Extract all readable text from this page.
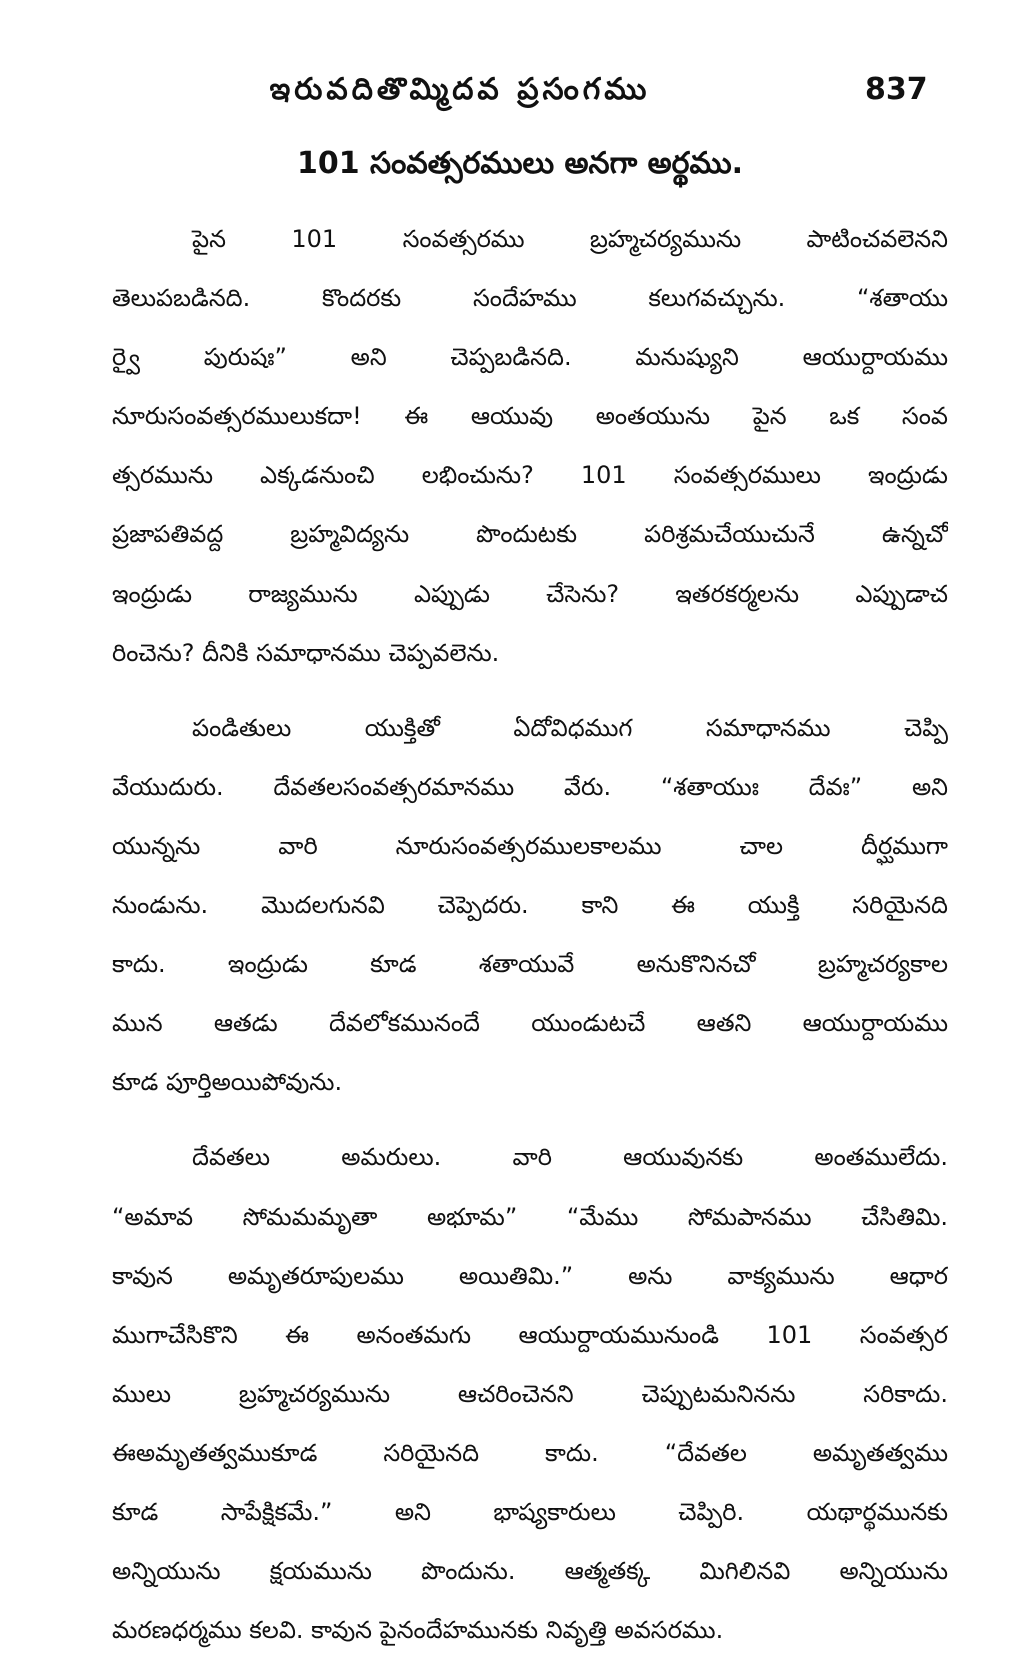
ఇరువదితొమ్మిదవ ప్రసంగము	837
101 సంవత్సరములు అనగా అర్థము.
పైన 101 సంవత్సరము బ్రహ్మచర్యమును పాటించవలెనని
తెలుపబడినది. కొందరకు సందేహము కలుగవచ్చును. “శతాయు
ర్వై పురుషః” అని చెప్పబడినది. మనుష్యుని ఆయుర్దాయము
నూరుసంవత్సరములుకదా! ఈ ఆయువు అంతయును పైన ఒక సంవ
త్సరమును ఎక్కడనుంచి లభించును? 101 సంవత్సరములు ఇంద్రుడు
ప్రజాపతివద్ద బ్రహ్మవిద్యను పొందుటకు పరిశ్రమచేయుచునే ఉన్నచో
ఇంద్రుడు రాజ్యమును ఎప్పుడు చేసెను? ఇతరకర్మలను ఎప్పుడాచ
రించెను? దీనికి సమాధానము చెప్పవలెను.
పండితులు యుక్తితో ఏదోవిధముగ సమాధానము చెప్పి
వేయుదురు. దేవతలసంవత్సరమానము వేరు. “శతాయుః దేవః” అని
యున్నను వారి నూరుసంవత్సరములకాలము చాల దీర్ఘముగా
నుండును. మొదలగునవి చెప్పెదరు. కాని ఈ యుక్తి సరియైనది
కాదు. ఇంద్రుడు కూడ శతాయువే అనుకొనినచో బ్రహ్మచర్యకాల
మున ఆతడు దేవలోకమునందే యుండుటచే ఆతని ఆయుర్దాయము
కూడ పూర్తిఅయిపోవును.
దేవతలు అమరులు. వారి ఆయువునకు అంతములేదు.
“అమావ సోమమమృతా అభూమ” “మేము సోమపానము చేసితిమి.
కావున అమృతరూపులము అయితిమి.” అను వాక్యమును ఆధార
ముగాచేసికొని ఈ అనంతమగు ఆయుర్దాయమునుండి 101 సంవత్సర
ములు బ్రహ్మచర్యమును ఆచరించెనని చెప్పుటమనినను సరికాదు.
ఈఅమృతత్వముకూడ సరియైనది కాదు. “దేవతల అమృతత్వము
కూడ సాపేక్షికమే.” అని భాష్యకారులు చెప్పిరి. యథార్థమునకు
అన్నియును క్షయమును పొందును. ఆత్మతక్క మిగిలినవి అన్నియును
మరణధర్మము కలవి. కావున పైనందేహమునకు నివృత్తి అవసరము.
